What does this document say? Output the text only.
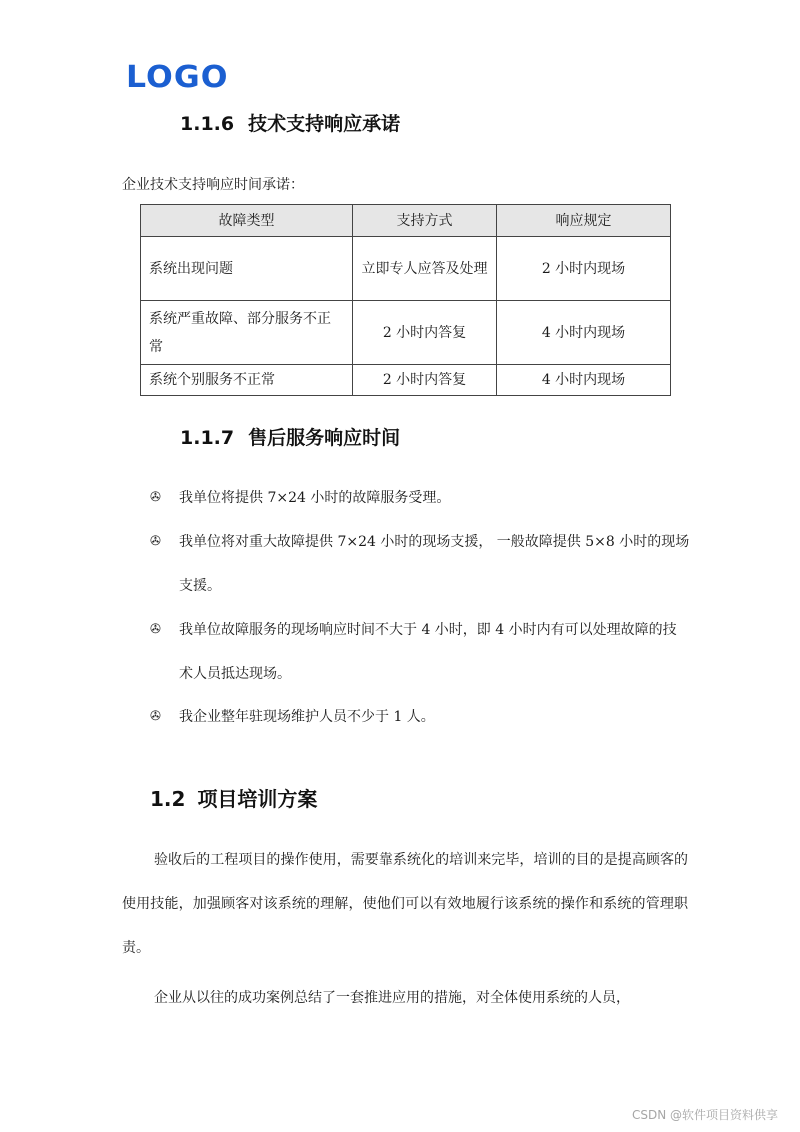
LOGO
1.1.6 技术支持响应承诺
企业技术支持响应时间承诺：
故障类型	支持方式	响应规定
系统出现问题	立即专人应答及处理	2 小时内现场
系统严重故障、部分服务不正常	2 小时内答复	4 小时内现场
系统个别服务不正常	2 小时内答复	4 小时内现场
1.1.7 售后服务响应时间
✇ 我单位将提供 7×24 小时的故障服务受理。
✇ 我单位将对重大故障提供 7×24 小时的现场支援， 一般故障提供 5×8 小时的现场支援。
✇ 我单位故障服务的现场响应时间不大于 4 小时，即 4 小时内有可以处理故障的技术人员抵达现场。
✇ 我企业整年驻现场维护人员不少于 1 人。
1.2 项目培训方案
验收后的工程项目的操作使用，需要靠系统化的培训来完毕，培训的目的是提高顾客的使用技能，加强顾客对该系统的理解，使他们可以有效地履行该系统的操作和系统的管理职责。
企业从以往的成功案例总结了一套推进应用的措施，对全体使用系统的人员，
CSDN @软件项目资料供享
